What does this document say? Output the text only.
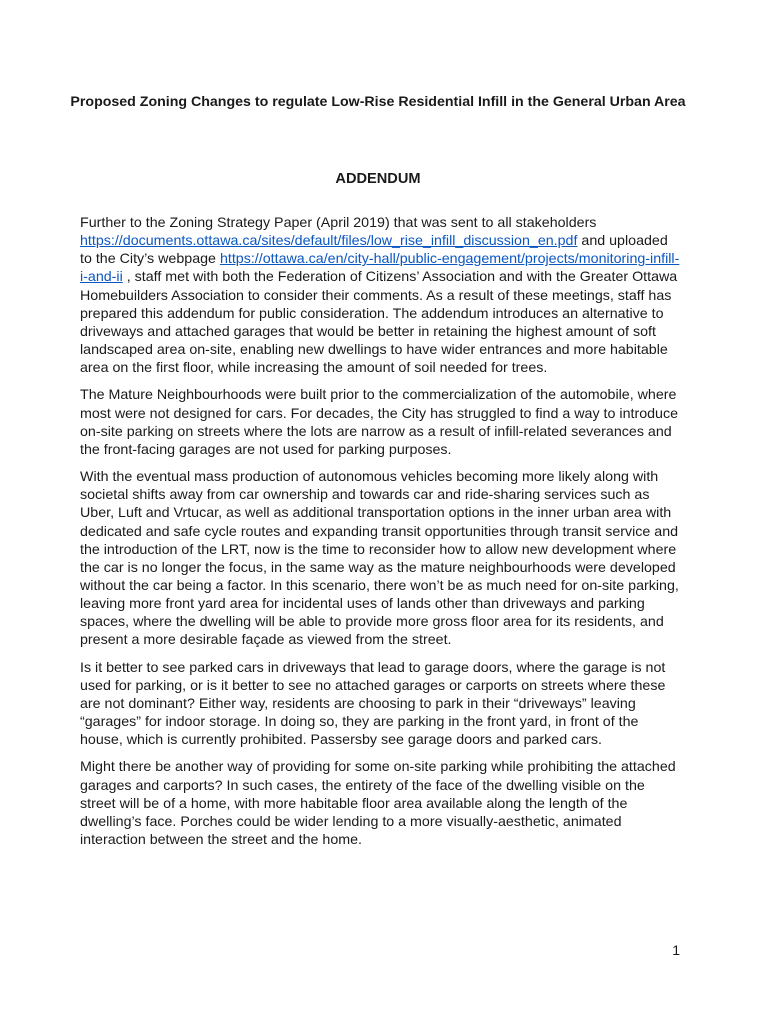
Proposed Zoning Changes to regulate Low-Rise Residential Infill in the General Urban Area
ADDENDUM

Further to the Zoning Strategy Paper (April 2019) that was sent to all stakeholders https://documents.ottawa.ca/sites/default/files/low_rise_infill_discussion_en.pdf and uploaded to the City’s webpage https://ottawa.ca/en/city-hall/public-engagement/projects/monitoring-infill-i-and-ii , staff met with both the Federation of Citizens’ Association and with the Greater Ottawa Homebuilders Association to consider their comments. As a result of these meetings, staff has prepared this addendum for public consideration. The addendum introduces an alternative to driveways and attached garages that would be better in retaining the highest amount of soft landscaped area on-site, enabling new dwellings to have wider entrances and more habitable area on the first floor, while increasing the amount of soil needed for trees.

The Mature Neighbourhoods were built prior to the commercialization of the automobile, where most were not designed for cars. For decades, the City has struggled to find a way to introduce on-site parking on streets where the lots are narrow as a result of infill-related severances and the front-facing garages are not used for parking purposes.

With the eventual mass production of autonomous vehicles becoming more likely along with societal shifts away from car ownership and towards car and ride-sharing services such as Uber, Luft and Vrtucar, as well as additional transportation options in the inner urban area with dedicated and safe cycle routes and expanding transit opportunities through transit service and the introduction of the LRT, now is the time to reconsider how to allow new development where the car is no longer the focus, in the same way as the mature neighbourhoods were developed without the car being a factor. In this scenario, there won’t be as much need for on-site parking, leaving more front yard area for incidental uses of lands other than driveways and parking spaces, where the dwelling will be able to provide more gross floor area for its residents, and present a more desirable façade as viewed from the street.

Is it better to see parked cars in driveways that lead to garage doors, where the garage is not used for parking, or is it better to see no attached garages or carports on streets where these are not dominant? Either way, residents are choosing to park in their “driveways” leaving “garages” for indoor storage. In doing so, they are parking in the front yard, in front of the house, which is currently prohibited. Passersby see garage doors and parked cars.

Might there be another way of providing for some on-site parking while prohibiting the attached garages and carports? In such cases, the entirety of the face of the dwelling visible on the street will be of a home, with more habitable floor area available along the length of the dwelling’s face. Porches could be wider lending to a more visually-aesthetic, animated interaction between the street and the home.

1
